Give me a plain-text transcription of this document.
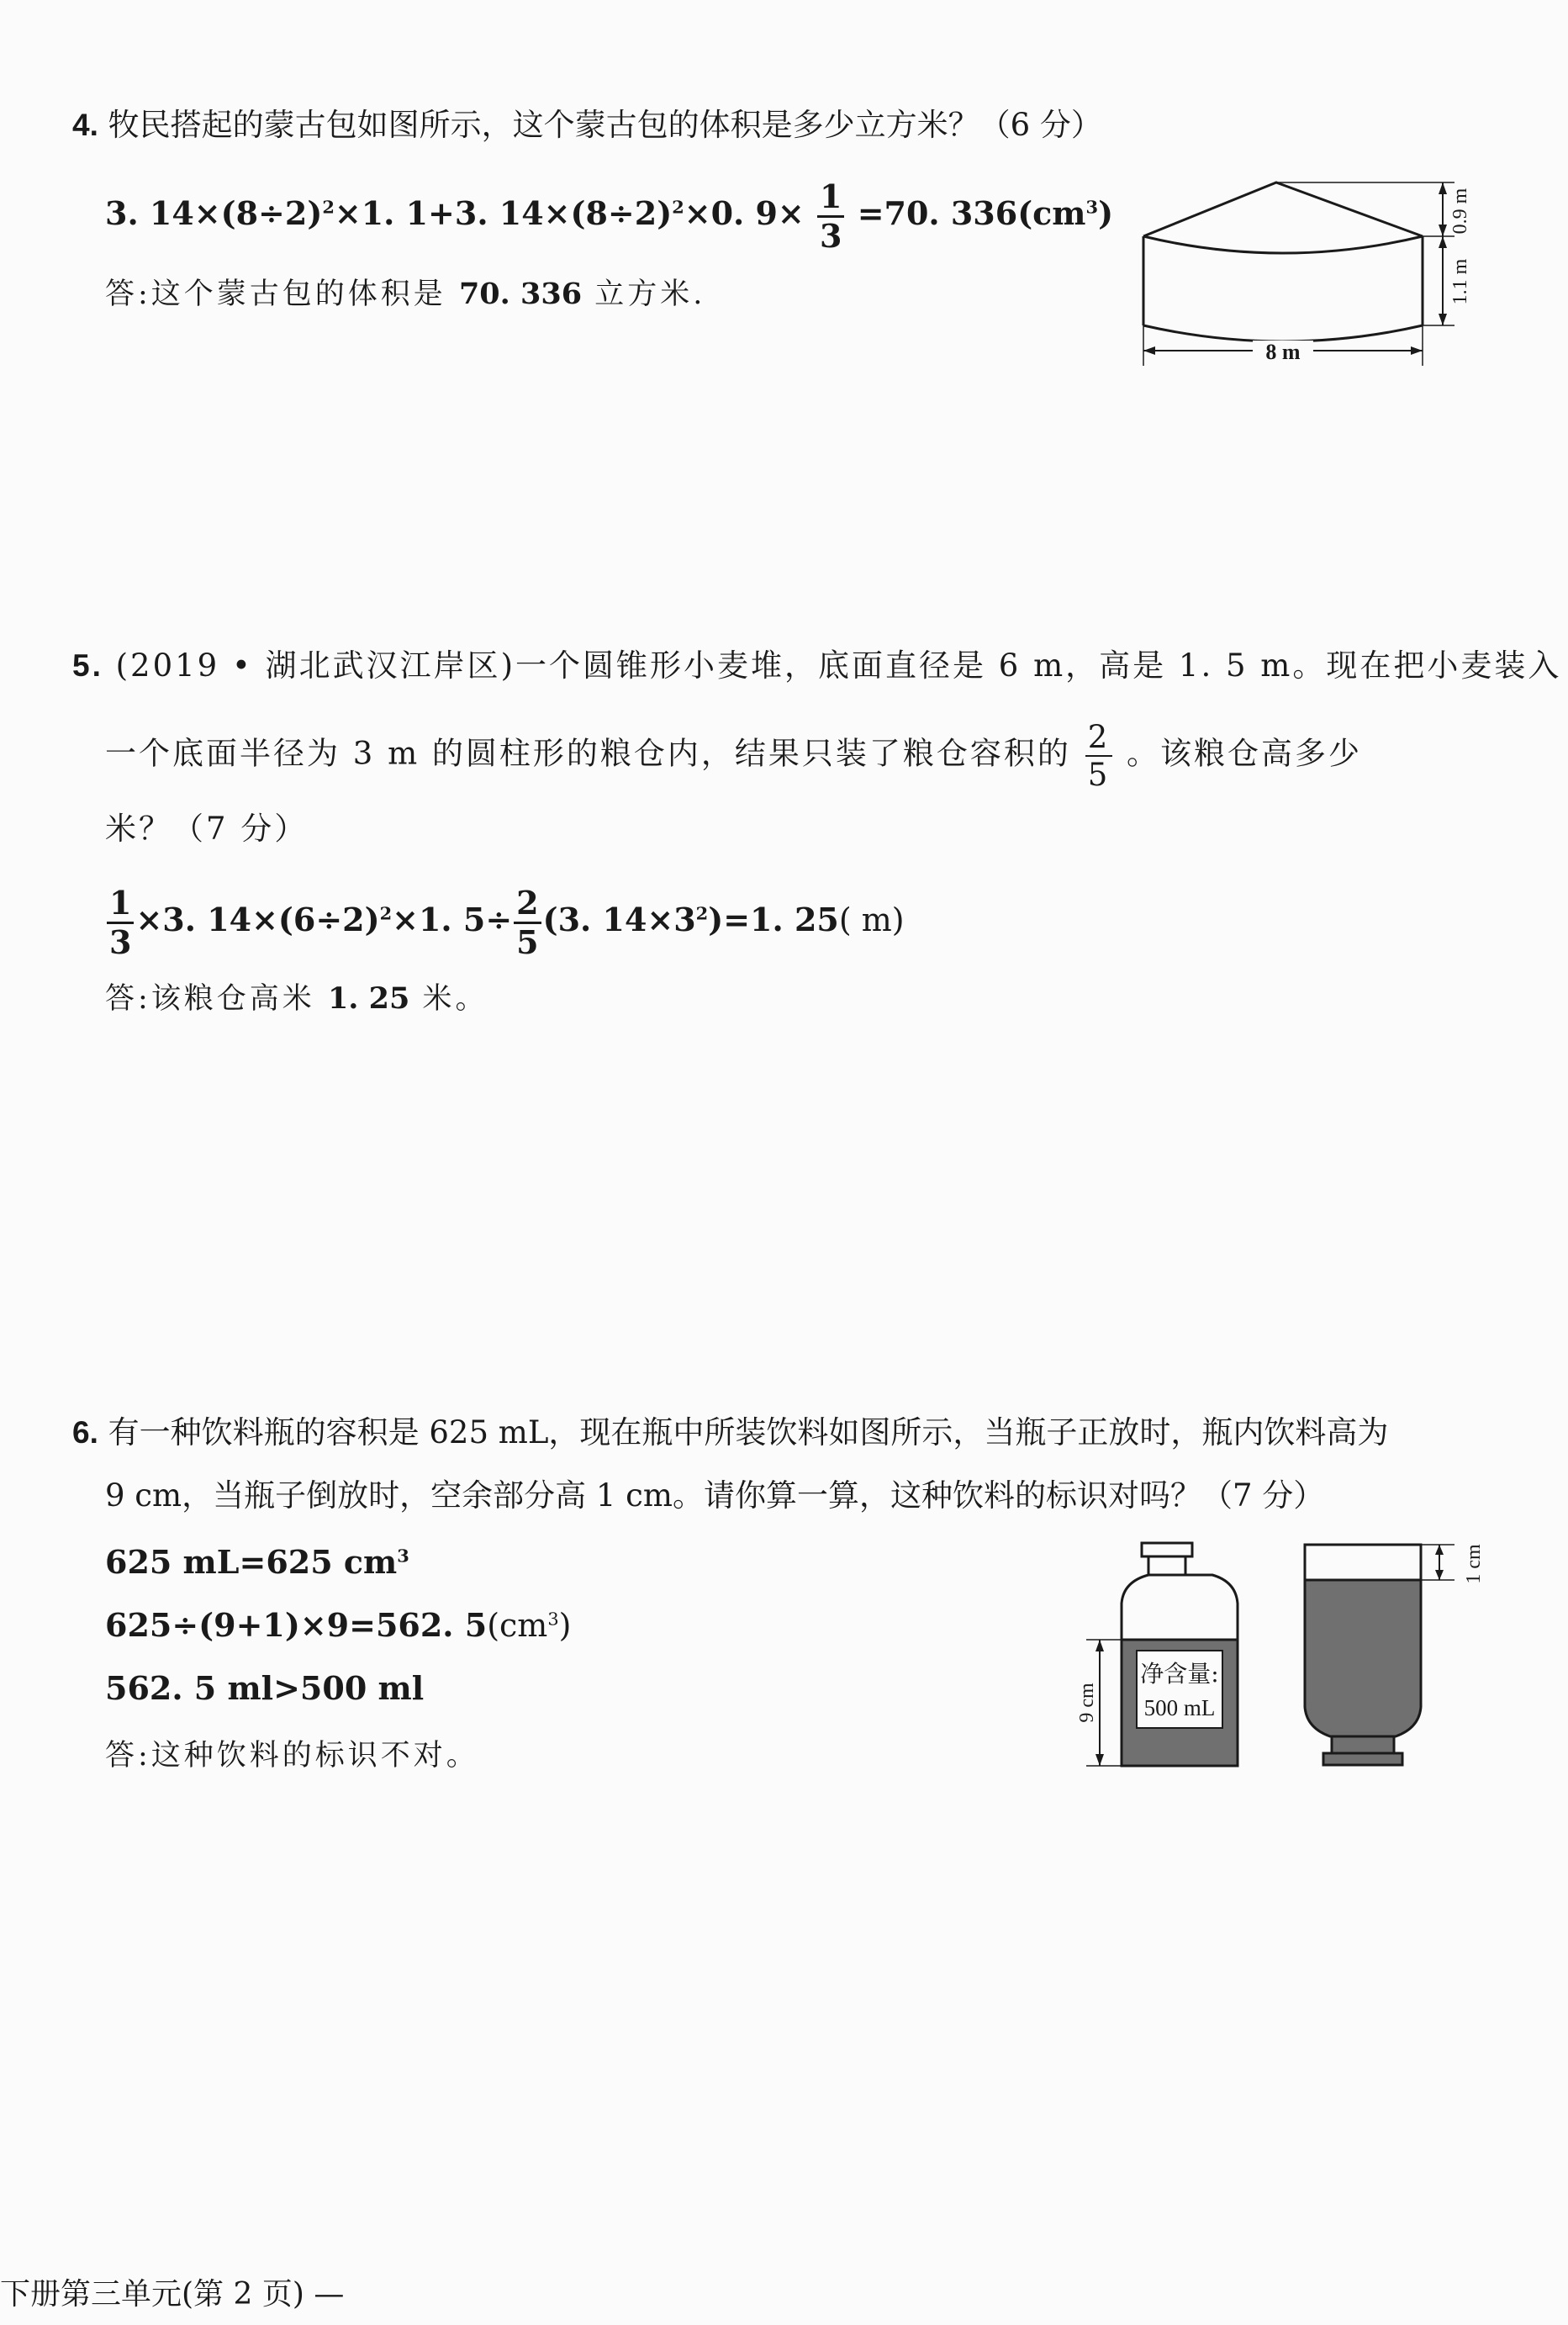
4. 牧民搭起的蒙古包如图所示，这个蒙古包的体积是多少立方米？（6 分）
3. $14\times(8\div 2)^2\times 1$. 1+3. $14\times(8\div 2)^2\times 0$. $9\times \frac{1}{3} =70$. $336(cm^3)$
答:这个蒙古包的体积是 70. 336 立方米.
8 m
0.9 m
1.1 m
5. (2019 • 湖北武汉江岸区)一个圆锥形小麦堆，底面直径是 6 m，高是 1. 5 m。现在把小麦装入
一个底面半径为 3 m 的圆柱形的粮仓内，结果只装了粮仓容积的 $\frac{2}{5}$ 。该粮仓高多少
米？（7 分）
$\frac{1}{3} \times 3$. $14\times(6\div 2)^2\times 1$. $5\div \frac{2}{5} (3$. $14\times 3^2)=1$. 25( m)
答:该粮仓高米 1. 25 米。
6. 有一种饮料瓶的容积是 625 mL，现在瓶中所装饮料如图所示，当瓶子正放时，瓶内饮料高为
9 cm，当瓶子倒放时，空余部分高 1 cm。请你算一算，这种饮料的标识对吗？（7 分）
625 mL=625 $cm^3$
625÷(9+1)×9=562. $5(cm^3)$
562. 5 ml>500 ml
答:这种饮料的标识不对。
9 cm
净含量:
500 mL
1 cm
下册第三单元(第 2 页) —
